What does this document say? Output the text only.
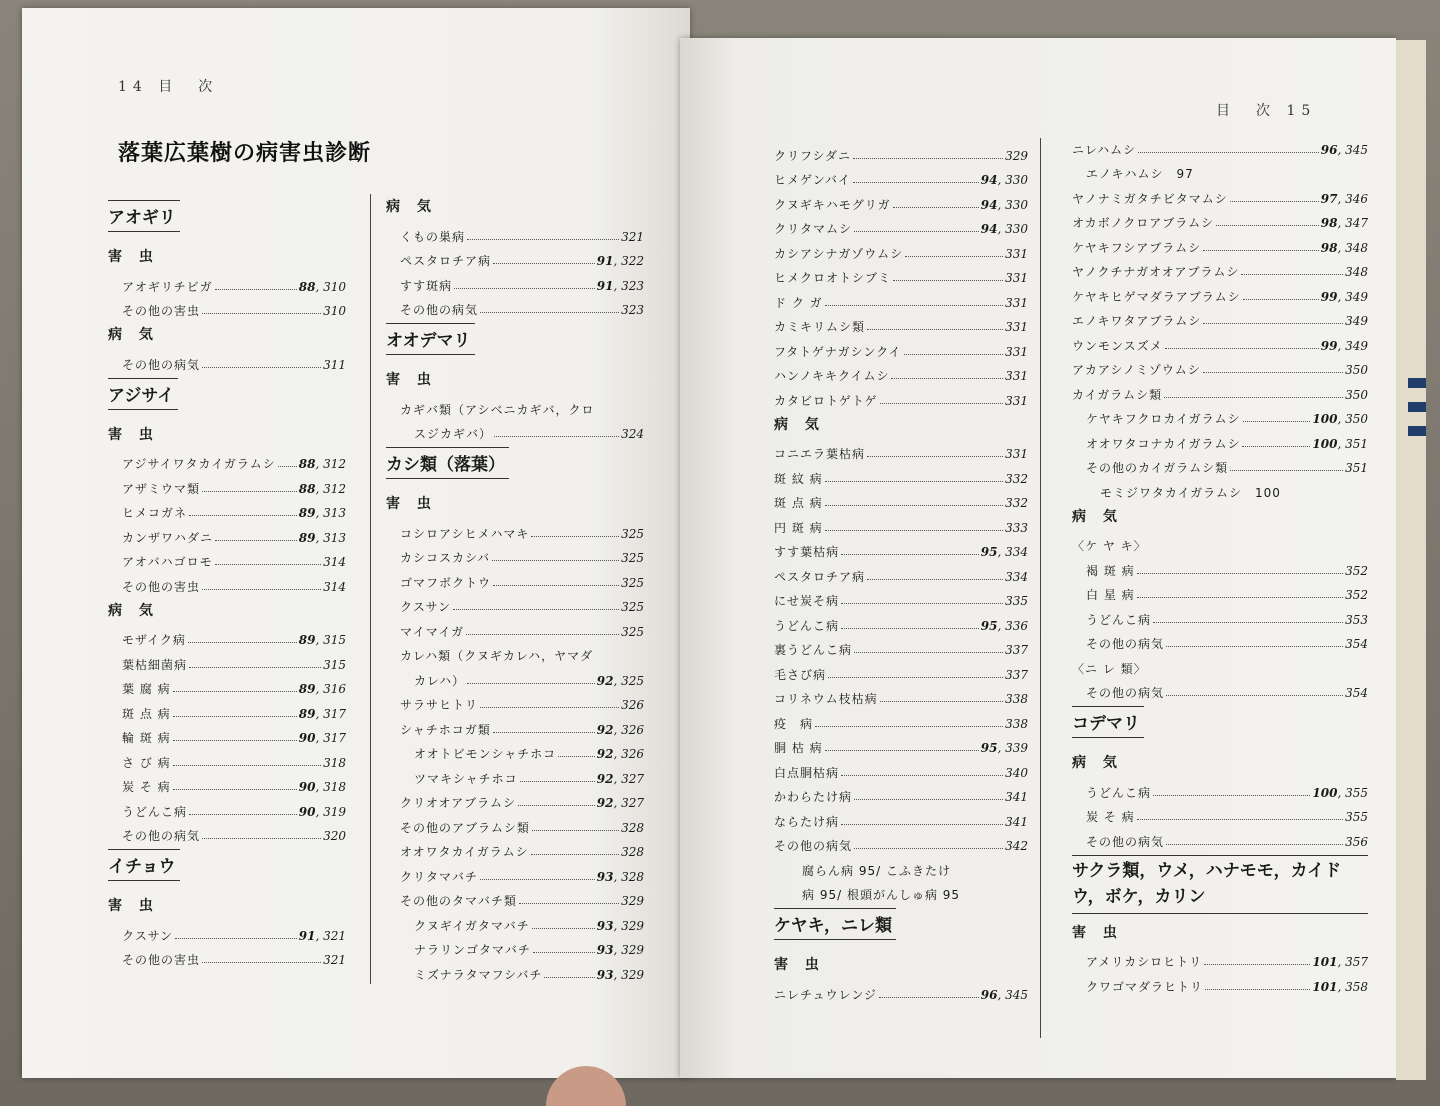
14 目　次
落葉広葉樹の病害虫診断
アオギリ
害 虫
アオギリチビガ	88, 310
その他の害虫	310
病 気
その他の病気	311
アジサイ
害 虫
アジサイワタカイガラムシ 88, 312
アザミウマ類	88, 312
ヒメコガネ	89, 313
カンザワハダニ	89, 313
アオバハゴロモ	314
その他の害虫	314
病 気
モザイク病	89, 315
葉枯細菌病	315
葉 腐 病	89, 316
斑 点 病	89, 317
輪 斑 病	90, 317
さ び 病	318
炭 そ 病	90, 318
うどんこ病	90, 319
その他の病気	320
イチョウ
害 虫
クスサン	91, 321
その他の害虫	321
病 気
くもの巣病	321
ペスタロチア病	91, 322
すす斑病	91, 323
その他の病気	323
オオデマリ
害 虫
カギバ類（アシベニカギバ，クロ
スジカギバ）	324
カシ類（落葉）
害 虫
コシロアシヒメハマキ	325
カシコスカシバ	325
ゴマフボクトウ	325
クスサン	325
マイマイガ	325
カレハ類（クヌギカレハ，ヤマダ
カレハ）	92, 325
サラサヒトリ	326
シャチホコガ類	92, 326
オオトビモンシャチホコ	92, 326
ツマキシャチホコ	92, 327
クリオオアブラムシ	92, 327
その他のアブラムシ類	328
オオワタカイガラムシ	328
クリタマバチ	93, 328
その他のタマバチ類	329
クヌギイガタマバチ	93, 329
ナラリンゴタマバチ	93, 329
ミズナラタマフシバチ	93, 329
目　次 15
クリフシダニ	329
ヒメゲンバイ	94, 330
クヌギキハモグリガ	94, 330
クリタマムシ	94, 330
カシアシナガゾウムシ	331
ヒメクロオトシブミ	331
ド ク ガ	331
カミキリムシ類	331
フタトゲナガシンクイ	331
ハンノキキクイムシ	331
カタビロトゲトゲ	331
病 気
コニエラ葉枯病	331
斑 紋 病	332
斑 点 病	332
円 斑 病	333
すす葉枯病	95, 334
ペスタロチア病	334
にせ炭そ病	335
うどんこ病	95, 336
裏うどんこ病	337
毛さび病	337
コリネウム枝枯病	338
疫　病	338
胴 枯 病	95, 339
白点胴枯病	340
かわらたけ病	341
ならたけ病	341
その他の病気	342
腐らん病 95/ こふきたけ
病 95/ 根頭がんしゅ病 95
ケヤキ，ニレ類
害 虫
ニレチュウレンジ	96, 345
ニレハムシ	96, 345
エノキハムシ　97
ヤノナミガタチビタマムシ	97, 346
オカボノクロアブラムシ	98, 347
ケヤキフシアブラムシ	98, 348
ヤノクチナガオオアブラムシ	348
ケヤキヒゲマダラアブラムシ	99, 349
エノキワタアブラムシ	349
ウンモンスズメ	99, 349
アカアシノミゾウムシ	350
カイガラムシ類	350
ケヤキフクロカイガラムシ	100, 350
オオワタコナカイガラムシ	100, 351
その他のカイガラムシ類	351
モミジワタカイガラムシ　100
病 気
〈ケ ヤ キ〉
褐 斑 病	352
白 星 病	352
うどんこ病	353
その他の病気	354
〈ニ レ 類〉
その他の病気	354
コデマリ
病 気
うどんこ病	100, 355
炭 そ 病	355
その他の病気	356
サクラ類，ウメ，ハナモモ，カイドウ，ボケ，カリン
害 虫
アメリカシロヒトリ	101, 357
クワゴマダラヒトリ	101, 358
